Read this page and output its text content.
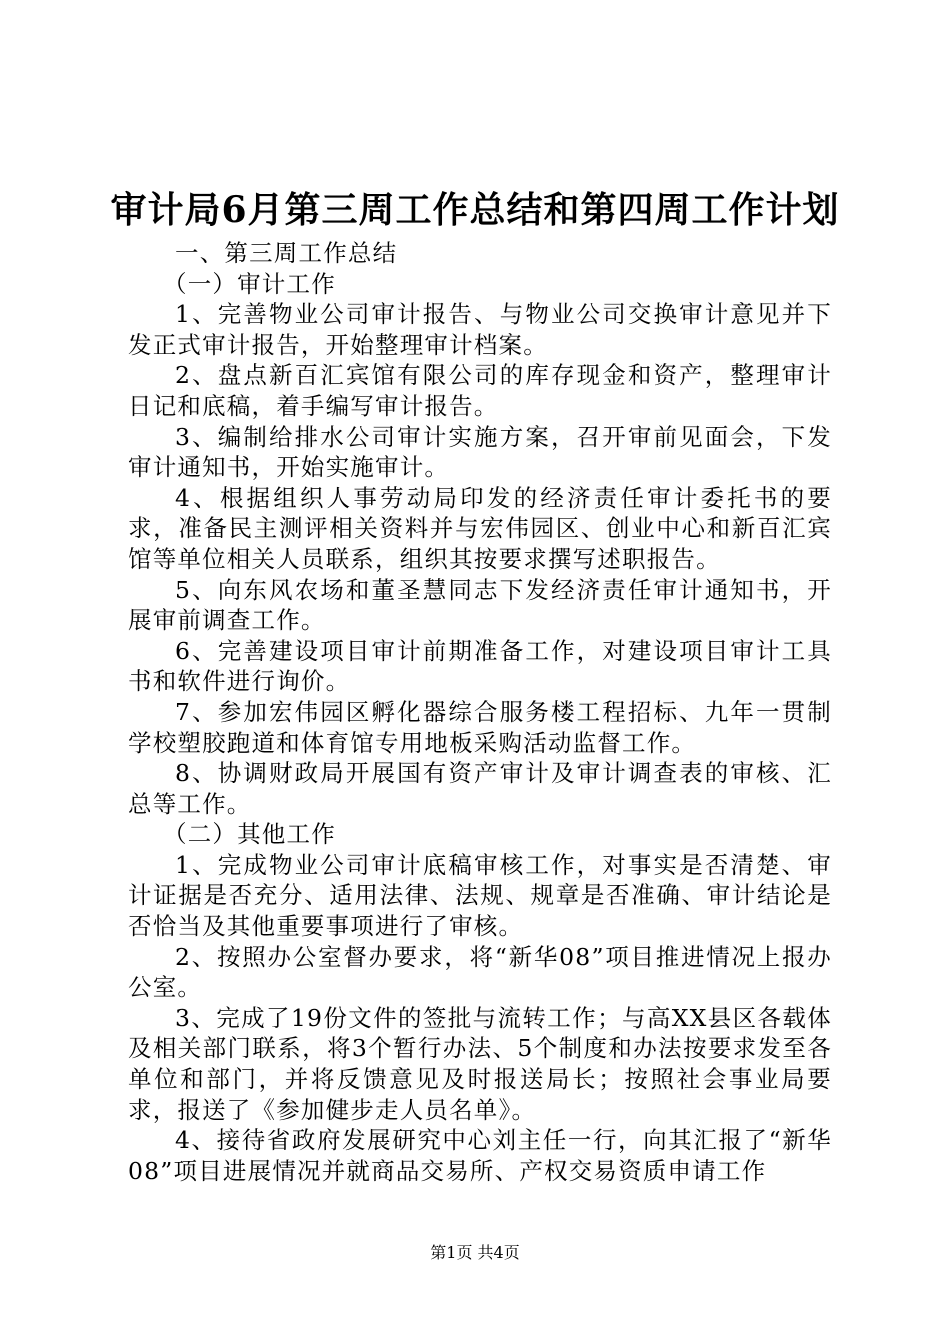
审计局6月第三周工作总结和第四周工作计划

一、第三周工作总结

（一）审计工作

1、完善物业公司审计报告、与物业公司交换审计意见并下发正式审计报告，开始整理审计档案。

2、盘点新百汇宾馆有限公司的库存现金和资产，整理审计日记和底稿，着手编写审计报告。

3、编制给排水公司审计实施方案，召开审前见面会，下发审计通知书，开始实施审计。

4、根据组织人事劳动局印发的经济责任审计委托书的要求，准备民主测评相关资料并与宏伟园区、创业中心和新百汇宾馆等单位相关人员联系，组织其按要求撰写述职报告。

5、向东风农场和董圣慧同志下发经济责任审计通知书，开展审前调查工作。

6、完善建设项目审计前期准备工作，对建设项目审计工具书和软件进行询价。

7、参加宏伟园区孵化器综合服务楼工程招标、九年一贯制学校塑胶跑道和体育馆专用地板采购活动监督工作。

8、协调财政局开展国有资产审计及审计调查表的审核、汇总等工作。

（二）其他工作

1、完成物业公司审计底稿审核工作，对事实是否清楚、审计证据是否充分、适用法律、法规、规章是否准确、审计结论是否恰当及其他重要事项进行了审核。

2、按照办公室督办要求，将“新华08”项目推进情况上报办公室。

3、完成了19份文件的签批与流转工作；与高XX县区各载体及相关部门联系，将3个暂行办法、5个制度和办法按要求发至各单位和部门，并将反馈意见及时报送局长；按照社会事业局要求，报送了《参加健步走人员名单》。

4、接待省政府发展研究中心刘主任一行，向其汇报了“新华08”项目进展情况并就商品交易所、产权交易资质申请工作

第1页 共4页
